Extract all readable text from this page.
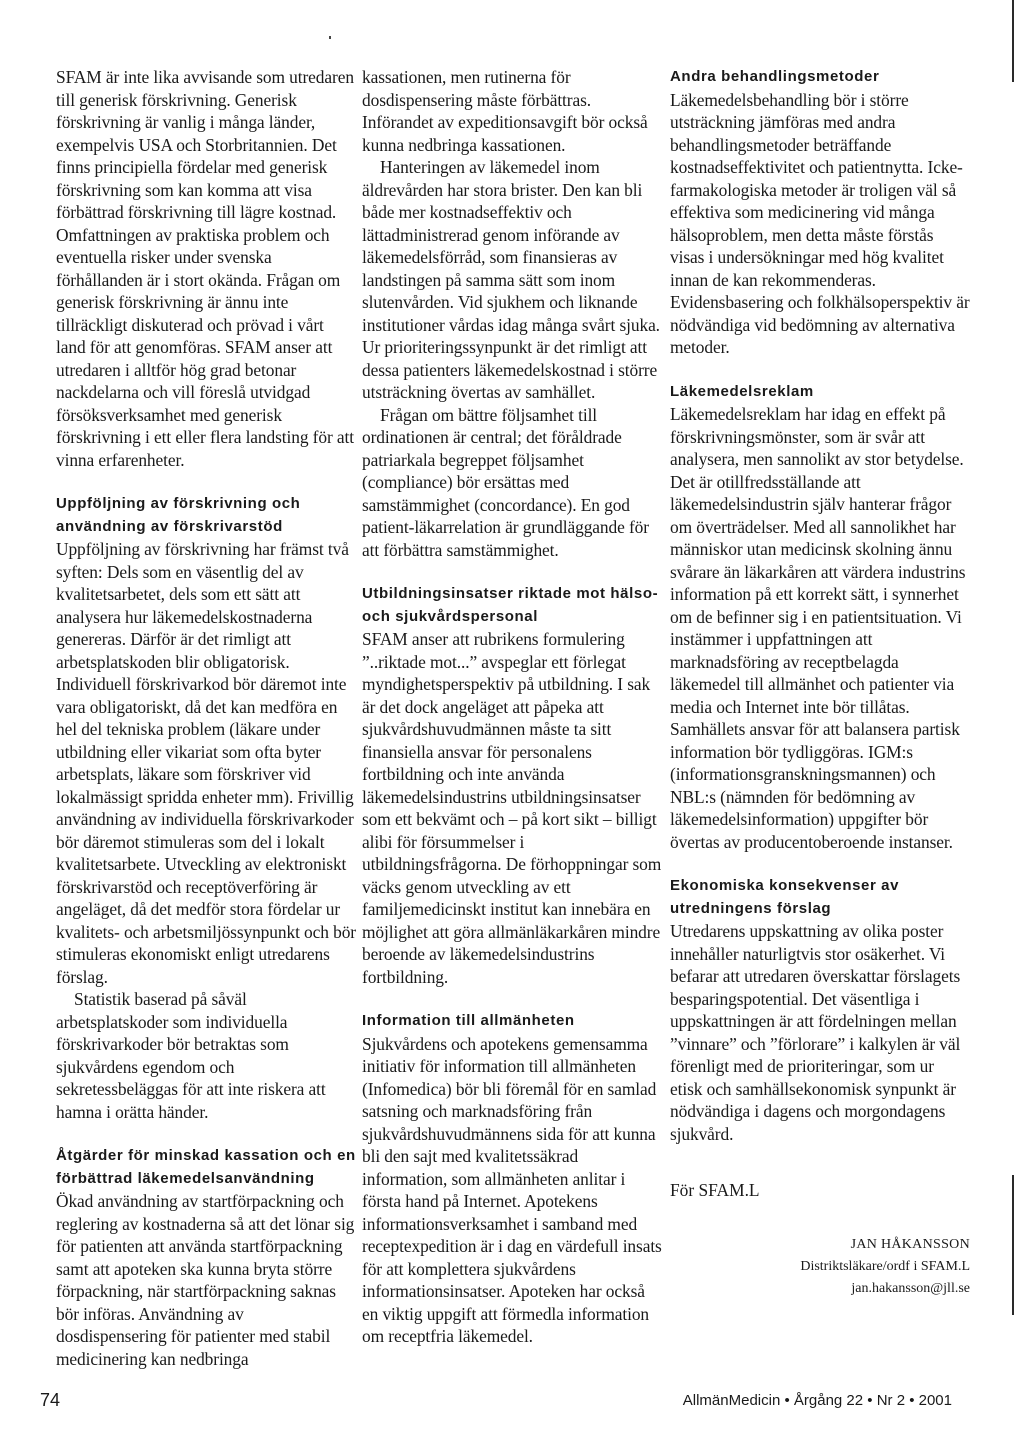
SFAM är inte lika avvisande som utredaren till generisk förskrivning. Generisk förskrivning är vanlig i många länder, exempelvis USA och Storbritannien. Det finns principiella fördelar med generisk förskrivning som kan komma att visa förbättrad förskrivning till lägre kostnad. Omfattningen av praktiska problem och eventuella risker under svenska förhållanden är i stort okända. Frågan om generisk förskrivning är ännu inte tillräckligt diskuterad och prövad i vårt land för att genomföras. SFAM anser att utredaren i alltför hög grad betonar nackdelarna och vill föreslå utvidgad försöksverksamhet med generisk förskrivning i ett eller flera landsting för att vinna erfarenheter.

Uppföljning av förskrivning och användning av förskrivarstöd

Uppföljning av förskrivning har främst två syften: Dels som en väsentlig del av kvalitetsarbetet, dels som ett sätt att analysera hur läkemedelskostnaderna genereras. Därför är det rimligt att arbetsplatskoden blir obligatorisk. Individuell förskrivarkod bör däremot inte vara obligatoriskt, då det kan medföra en hel del tekniska problem (läkare under utbildning eller vikariat som ofta byter arbetsplats, läkare som förskriver vid lokalmässigt spridda enheter mm). Frivillig användning av individuella förskrivarkoder bör däremot stimuleras som del i lokalt kvalitetsarbete. Utveckling av elektroniskt förskrivarstöd och receptöverföring är angeläget, då det medför stora fördelar ur kvalitets- och arbetsmiljössynpunkt och bör stimuleras ekonomiskt enligt utredarens förslag.

Statistik baserad på såväl arbetsplatskoder som individuella förskrivarkoder bör betraktas som sjukvårdens egendom och sekretessbeläggas för att inte riskera att hamna i orätta händer.

Åtgärder för minskad kassation och en förbättrad läkemedelsanvändning

Ökad användning av startförpackning och reglering av kostnaderna så att det lönar sig för patienten att använda startförpackning samt att apoteken ska kunna bryta större förpackning, när startförpackning saknas bör införas. Användning av dosdispensering för patienter med stabil medicinering kan nedbringa

kassationen, men rutinerna för dosdispensering måste förbättras. Införandet av expeditionsavgift bör också kunna nedbringa kassationen.

Hanteringen av läkemedel inom äldrevården har stora brister. Den kan bli både mer kostnadseffektiv och lättadministrerad genom införande av läkemedelsförråd, som finansieras av landstingen på samma sätt som inom slutenvården. Vid sjukhem och liknande institutioner vårdas idag många svårt sjuka. Ur prioriteringssynpunkt är det rimligt att dessa patienters läkemedelskostnad i större utsträckning övertas av samhället.

Frågan om bättre följsamhet till ordinationen är central; det föråldrade patriarkala begreppet följsamhet (compliance) bör ersättas med samstämmighet (concordance). En god patient-läkarrelation är grundläggande för att förbättra samstämmighet.

Utbildningsinsatser riktade mot hälso- och sjukvårdspersonal

SFAM anser att rubrikens formulering ”..riktade mot...” avspeglar ett förlegat myndighetsperspektiv på utbildning. I sak är det dock angeläget att påpeka att sjukvårdshuvudmännen måste ta sitt finansiella ansvar för personalens fortbildning och inte använda läkemedelsindustrins utbildningsinsatser som ett bekvämt och – på kort sikt – billigt alibi för försummelser i utbildningsfrågorna. De förhoppningar som väcks genom utveckling av ett familjemedicinskt institut kan innebära en möjlighet att göra allmänläkarkåren mindre beroende av läkemedelsindustrins fortbildning.

Information till allmänheten

Sjukvårdens och apotekens gemensamma initiativ för information till allmänheten (Infomedica) bör bli föremål för en samlad satsning och marknadsföring från sjukvårdshuvudmännens sida för att kunna bli den sajt med kvalitetssäkrad information, som allmänheten anlitar i första hand på Internet. Apotekens informationsverksamhet i samband med receptexpedition är i dag en värdefull insats för att komplettera sjukvårdens informationsinsatser. Apoteken har också en viktig uppgift att förmedla information om receptfria läkemedel.

Andra behandlingsmetoder

Läkemedelsbehandling bör i större utsträckning jämföras med andra behandlingsmetoder beträffande kostnadseffektivitet och patientnytta. Icke-farmakologiska metoder är troligen väl så effektiva som medicinering vid många hälsoproblem, men detta måste förstås visas i undersökningar med hög kvalitet innan de kan rekommenderas. Evidensbasering och folkhälsoperspektiv är nödvändiga vid bedömning av alternativa metoder.

Läkemedelsreklam

Läkemedelsreklam har idag en effekt på förskrivningsmönster, som är svår att analysera, men sannolikt av stor betydelse. Det är otillfredsställande att läkemedelsindustrin själv hanterar frågor om överträdelser. Med all sannolikhet har människor utan medicinsk skolning ännu svårare än läkarkåren att värdera industrins information på ett korrekt sätt, i synnerhet om de befinner sig i en patientsituation. Vi instämmer i uppfattningen att marknadsföring av receptbelagda läkemedel till allmänhet och patienter via media och Internet inte bör tillåtas. Samhällets ansvar för att balansera partisk information bör tydliggöras. IGM:s (informationsgranskningsmannen) och NBL:s (nämnden för bedömning av läkemedelsinformation) uppgifter bör övertas av producentoberoende instanser.

Ekonomiska konsekvenser av utredningens förslag

Utredarens uppskattning av olika poster innehåller naturligtvis stor osäkerhet. Vi befarar att utredaren överskattar förslagets besparingspotential. Det väsentliga i uppskattningen är att fördelningen mellan ”vinnare” och ”förlorare” i kalkylen är väl förenligt med de prioriteringar, som ur etisk och samhällsekonomisk synpunkt är nödvändiga i dagens och morgondagens sjukvård.

För SFAM.L
JAN HÅKANSSON
Distriktsläkare/ordf i SFAM.L
jan.hakansson@jll.se
74	AllmänMedicin • Årgång 22 • Nr 2 • 2001
